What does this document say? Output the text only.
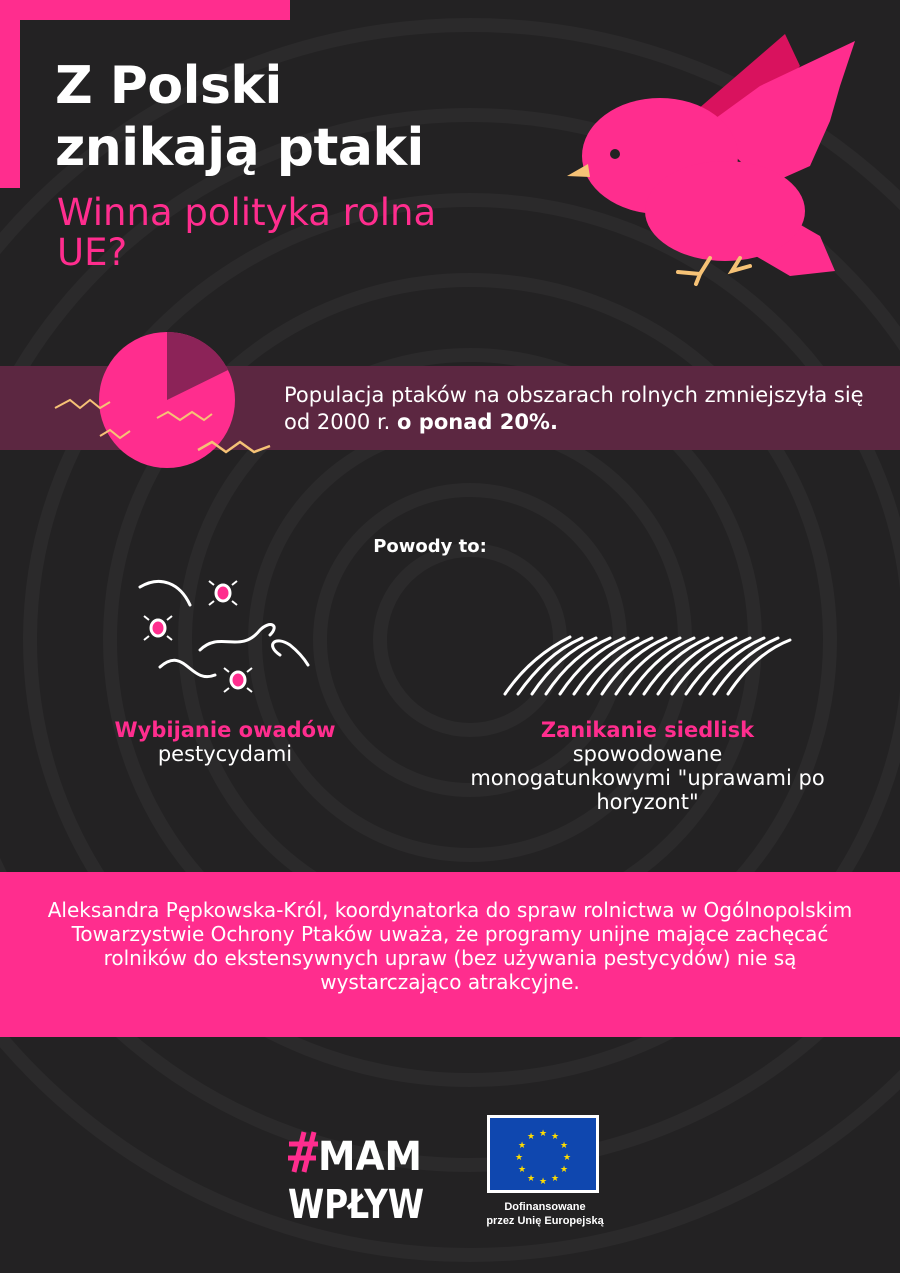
Z Polski
znikają ptaki

Winna polityka rolna UE?

Populacja ptaków na obszarach rolnych zmniejszyła się od 2000 r. o ponad 20%.

Powody to:

Wybijanie owadów
pestycydami

Zanikanie siedlisk
spowodowane monogatunkowymi "uprawami po horyzont"

Aleksandra Pępkowska-Król, koordynatorka do spraw rolnictwa w Ogólnopolskim Towarzystwie Ochrony Ptaków uważa, że programy unijne mające zachęcać rolników do ekstensywnych upraw (bez używania pestycydów) nie są wystarczająco atrakcyjne.

MAM
WPŁYW
★ ★
★
★
★
★
★
★
★
★
★
★

Dofinansowane
przez Unię Europejską
